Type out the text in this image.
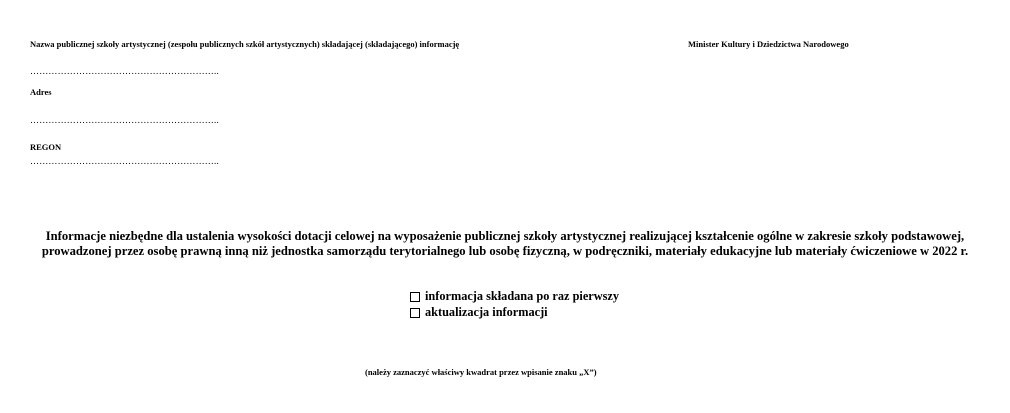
Nazwa publicznej szkoły artystycznej (zespołu publicznych szkół artystycznych) składającej (składającego) informację	Minister Kultury i Dziedzictwa Narodowego
……………………………………………………..
Adres
……………………………………………………..
REGON
……………………………………………………..
Informacje niezbędne dla ustalenia wysokości dotacji celowej na wyposażenie publicznej szkoły artystycznej realizującej kształcenie ogólne w zakresie szkoły podstawowej,
prowadzonej przez osobę prawną inną niż jednostka samorządu terytorialnego lub osobę fizyczną, w podręczniki, materiały edukacyjne lub materiały ćwiczeniowe w 2022 r.
informacja składana po raz pierwszy
aktualizacja informacji
(należy zaznaczyć właściwy kwadrat przez wpisanie znaku „X”)
